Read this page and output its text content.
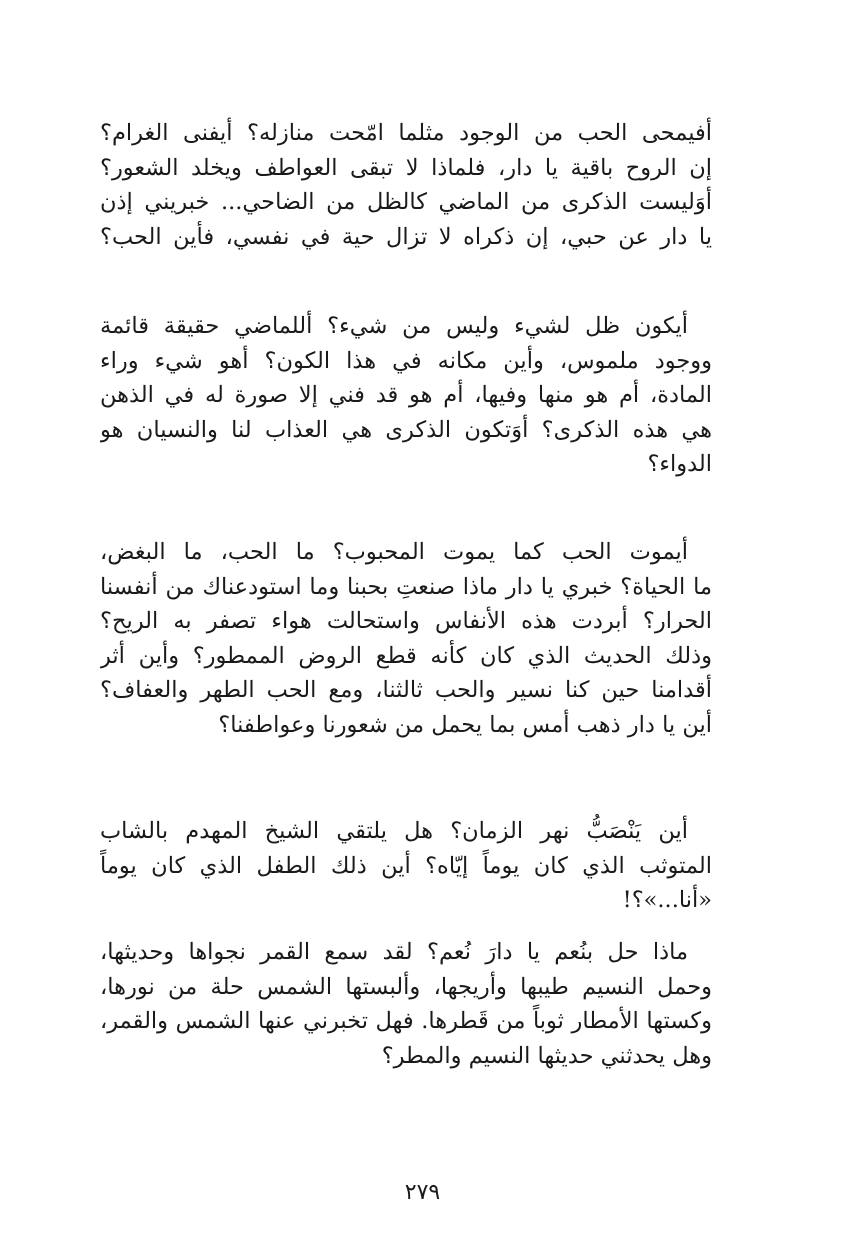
أفيمحى الحب من الوجود مثلما امّحت منازله؟ أيفنى الغرام؟
إن الروح باقية يا دار، فلماذا لا تبقى العواطف ويخلد الشعور؟
أوَليست الذكرى من الماضي كالظل من الضاحي... خبريني إذن
يا دار عن حبي، إن ذكراه لا تزال حية في نفسي، فأين الحب؟
أيكون ظل لشيء وليس من شيء؟ أللماضي حقيقة قائمة
ووجود ملموس، وأين مكانه في هذا الكون؟ أهو شيء وراء
المادة، أم هو منها وفيها، أم هو قد فني إلا صورة له في الذهن
هي هذه الذكرى؟ أوَتكون الذكرى هي العذاب لنا والنسيان هو
الدواء؟
أيموت الحب كما يموت المحبوب؟ ما الحب، ما البغض،
ما الحياة؟ خبري يا دار ماذا صنعتِ بحبنا وما استودعناك من أنفسنا
الحرار؟ أبردت هذه الأنفاس واستحالت هواء تصفر به الريح؟
وذلك الحديث الذي كان كأنه قطع الروض الممطور؟ وأين أثر
أقدامنا حين كنا نسير والحب ثالثنا، ومع الحب الطهر والعفاف؟
أين يا دار ذهب أمس بما يحمل من شعورنا وعواطفنا؟
أين يَنْصَبُّ نهر الزمان؟ هل يلتقي الشيخ المهدم بالشاب
المتوثب الذي كان يوماً إيّاه؟ أين ذلك الطفل الذي كان يوماً
«أنا...»؟!
ماذا حل بنُعم يا دارَ نُعم؟ لقد سمع القمر نجواها وحديثها،
وحمل النسيم طيبها وأريجها، وألبستها الشمس حلة من نورها،
وكستها الأمطار ثوباً من قَطرها. فهل تخبرني عنها الشمس والقمر،
وهل يحدثني حديثها النسيم والمطر؟
٢٧٩
